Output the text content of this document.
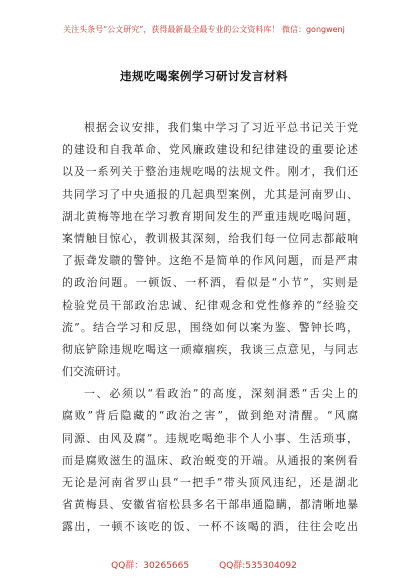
关注头条号“公文研究”，获得最新最全最专业的公文资料库！ 微信：gongwenj
违规吃喝案例学习研讨发言材料
根据会议安排，我们集中学习了习近平总书记关于党
的建设和自我革命、党风廉政建设和纪律建设的重要论述
以及一系列关于整治违规吃喝的法规文件。刚才，我们还
共同学习了中央通报的几起典型案例，尤其是河南罗山、
湖北黄梅等地在学习教育期间发生的严重违规吃喝问题，
案情触目惊心，教训极其深刻，给我们每一位同志都敲响
了振聋发聩的警钟。这绝不是简单的作风问题，而是严肃
的政治问题。一顿饭、一杯酒，看似是“小节”，实则是
检验党员干部政治忠诚、纪律观念和党性修养的“经验交
流”。结合学习和反思，围绕如何以案为鉴、警钟长鸣，
彻底铲除违规吃喝这一顽瘴痼疾，我谈三点意见，与同志
们交流研讨。
一、必须以“看政治”的高度，深刻洞悉“舌尖上的
腐败”背后隐藏的“政治之害”，做到绝对清醒。“风腐
同源、由风及腐”。违规吃喝绝非个人小事、生活琐事，
而是腐败滋生的温床、政治蜕变的开端。从通报的案例看
无论是河南省罗山县“一把手”带头顶风违纪，还是湖北
省黄梅县、安徽省宿松县多名干部串通隐瞒，都清晰地暴
露出，一顿不该吃的饭、一杯不该喝的酒，往往会吃出
QQ群：30265665	QQ群:535304092
